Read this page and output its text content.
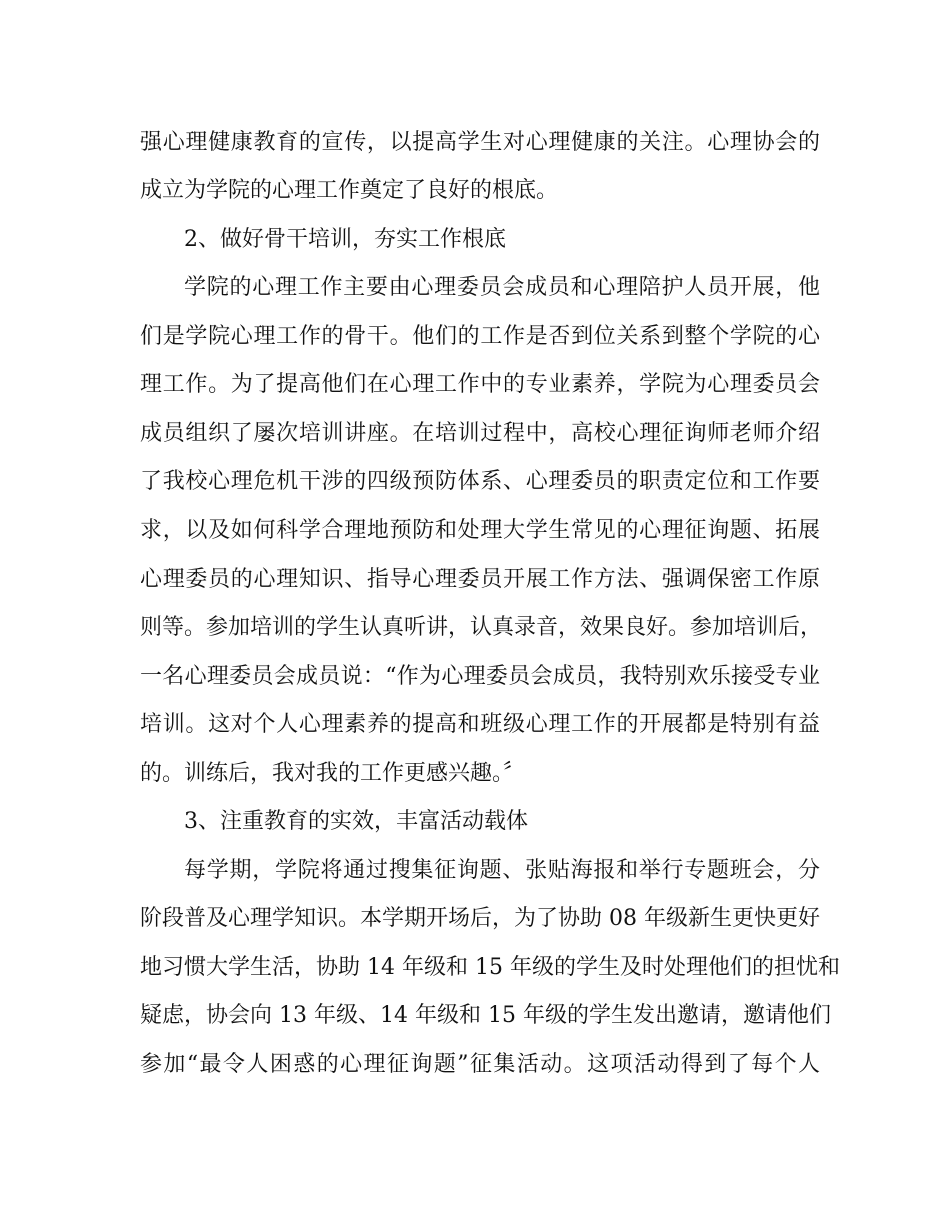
强心理健康教育的宣传，以提高学生对心理健康的关注。心理协会的
成立为学院的心理工作奠定了良好的根底。
2、做好骨干培训，夯实工作根底
学院的心理工作主要由心理委员会成员和心理陪护人员开展，他
们是学院心理工作的骨干。他们的工作是否到位关系到整个学院的心
理工作。为了提高他们在心理工作中的专业素养，学院为心理委员会
成员组织了屡次培训讲座。在培训过程中，高校心理征询师老师介绍
了我校心理危机干涉的四级预防体系、心理委员的职责定位和工作要
求，以及如何科学合理地预防和处理大学生常见的心理征询题、拓展
心理委员的心理知识、指导心理委员开展工作方法、强调保密工作原
则等。参加培训的学生认真听讲，认真录音，效果良好。参加培训后，
一名心理委员会成员说：“作为心理委员会成员，我特别欢乐接受专业
培训。这对个人心理素养的提高和班级心理工作的开展都是特别有益
的。训练后，我对我的工作更感兴趣。〞
3、注重教育的实效，丰富活动载体
每学期，学院将通过搜集征询题、张贴海报和举行专题班会，分
阶段普及心理学知识。本学期开场后，为了协助 08 年级新生更快更好
地习惯大学生活，协助 14 年级和 15 年级的学生及时处理他们的担忧和
疑虑，协会向 13 年级、14 年级和 15 年级的学生发出邀请，邀请他们
参加“最令人困惑的心理征询题”征集活动。这项活动得到了每个人
